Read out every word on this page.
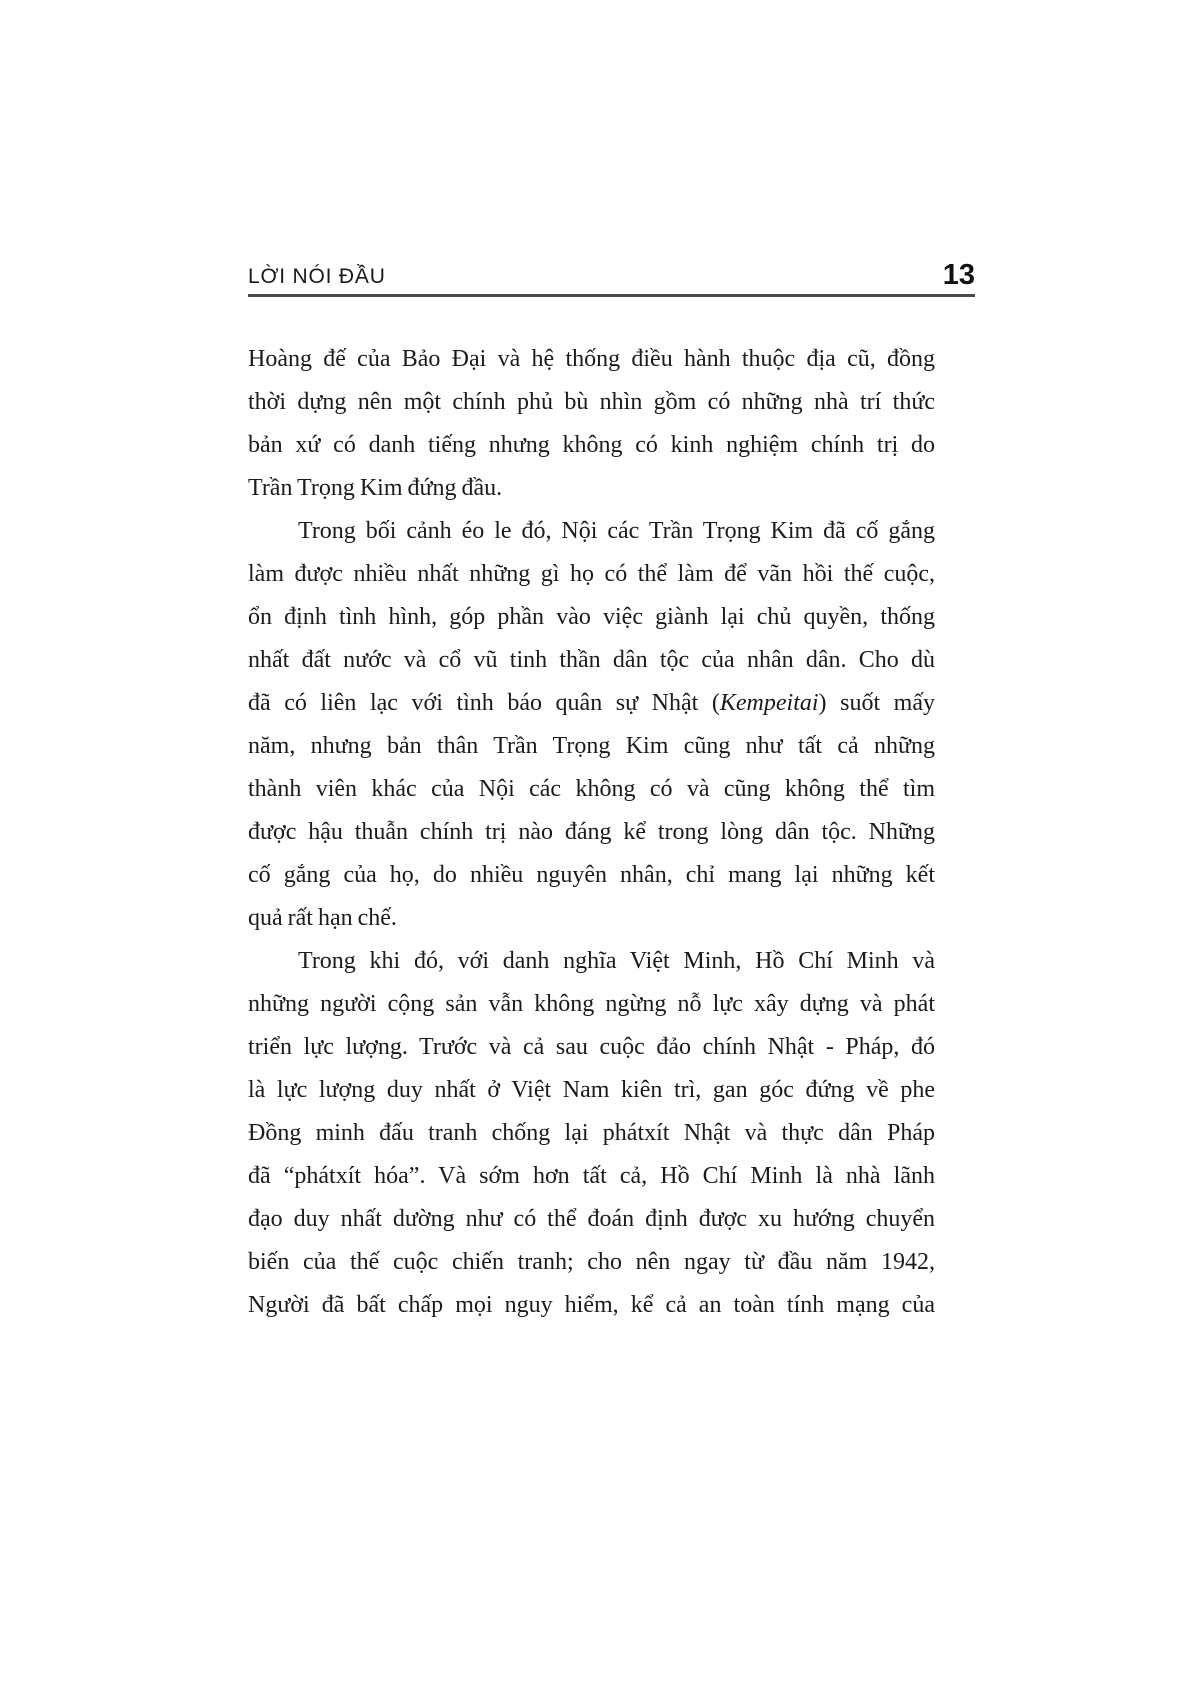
LỜI NÓI ĐẦU	13
Hoàng đế của Bảo Đại và hệ thống điều hành thuộc địa cũ, đồng
thời dựng nên một chính phủ bù nhìn gồm có những nhà trí thức
bản xứ có danh tiếng nhưng không có kinh nghiệm chính trị do
Trần Trọng Kim đứng đầu.
Trong bối cảnh éo le đó, Nội các Trần Trọng Kim đã cố gắng
làm được nhiều nhất những gì họ có thể làm để vãn hồi thế cuộc,
ổn định tình hình, góp phần vào việc giành lại chủ quyền, thống
nhất đất nước và cổ vũ tinh thần dân tộc của nhân dân. Cho dù
đã có liên lạc với tình báo quân sự Nhật (Kempeitai) suốt mấy
năm, nhưng bản thân Trần Trọng Kim cũng như tất cả những
thành viên khác của Nội các không có và cũng không thể tìm
được hậu thuẫn chính trị nào đáng kể trong lòng dân tộc. Những
cố gắng của họ, do nhiều nguyên nhân, chỉ mang lại những kết
quả rất hạn chế.
Trong khi đó, với danh nghĩa Việt Minh, Hồ Chí Minh và
những người cộng sản vẫn không ngừng nỗ lực xây dựng và phát
triển lực lượng. Trước và cả sau cuộc đảo chính Nhật - Pháp, đó
là lực lượng duy nhất ở Việt Nam kiên trì, gan góc đứng về phe
Đồng minh đấu tranh chống lại phátxít Nhật và thực dân Pháp
đã “phátxít hóa”. Và sớm hơn tất cả, Hồ Chí Minh là nhà lãnh
đạo duy nhất dường như có thể đoán định được xu hướng chuyển
biến của thế cuộc chiến tranh; cho nên ngay từ đầu năm 1942,
Người đã bất chấp mọi nguy hiểm, kể cả an toàn tính mạng của
